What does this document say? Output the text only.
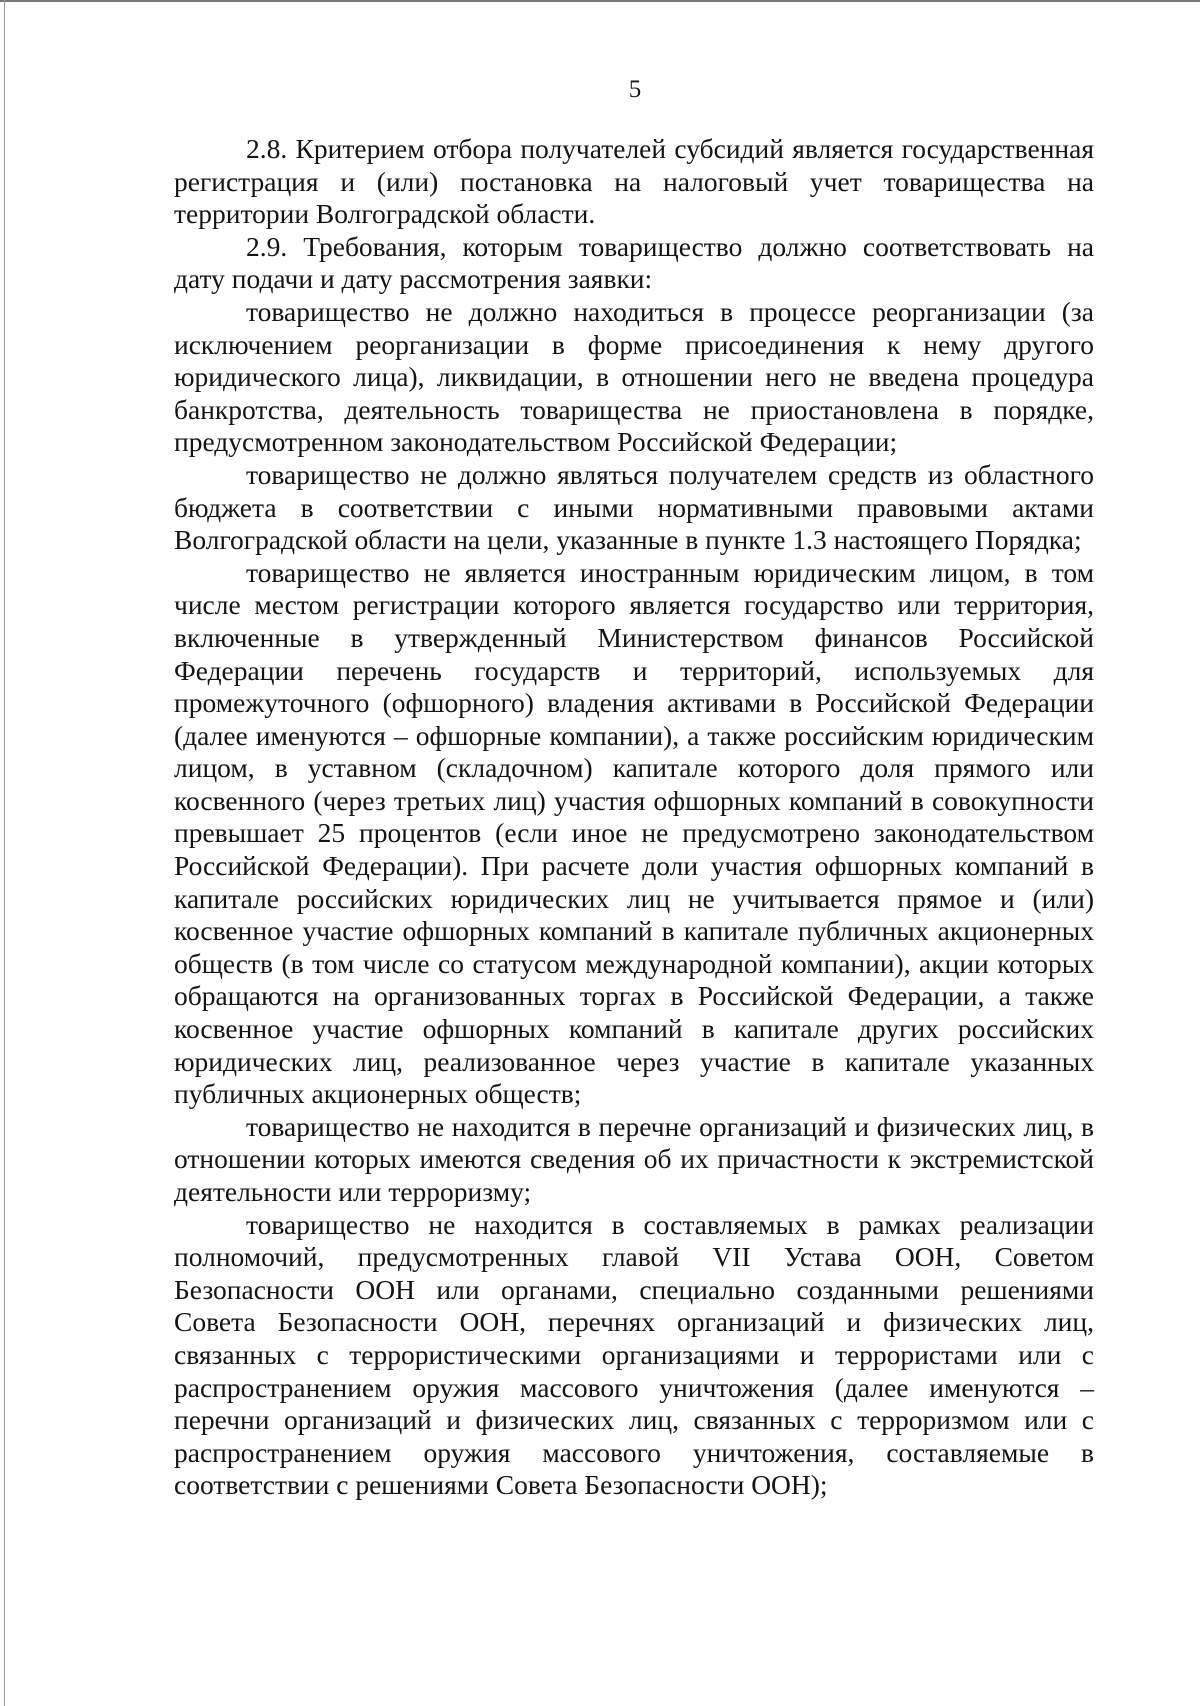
5

2.8. Критерием отбора получателей субсидий является государственная регистрация и (или) постановка на налоговый учет товарищества на территории Волгоградской области.

2.9. Требования, которым товарищество должно соответствовать на дату подачи и дату рассмотрения заявки:

товарищество не должно находиться в процессе реорганизации (за исключением реорганизации в форме присоединения к нему другого юридического лица), ликвидации, в отношении него не введена процедура банкротства, деятельность товарищества не приостановлена в порядке, предусмотренном законодательством Российской Федерации;

товарищество не должно являться получателем средств из областного бюджета в соответствии с иными нормативными правовыми актами Волгоградской области на цели, указанные в пункте 1.3 настоящего Порядка;

товарищество не является иностранным юридическим лицом, в том числе местом регистрации которого является государство или территория, включенные в утвержденный Министерством финансов Российской Федерации перечень государств и территорий, используемых для промежуточного (офшорного) владения активами в Российской Федерации (далее именуются – офшорные компании), а также российским юридическим лицом, в уставном (складочном) капитале которого доля прямого или косвенного (через третьих лиц) участия офшорных компаний в совокупности превышает 25 процентов (если иное не предусмотрено законодательством Российской Федерации). При расчете доли участия офшорных компаний в капитале российских юридических лиц не учитывается прямое и (или) косвенное участие офшорных компаний в капитале публичных акционерных обществ (в том числе со статусом международной компании), акции которых обращаются на организованных торгах в Российской Федерации, а также косвенное участие офшорных компаний в капитале других российских юридических лиц, реализованное через участие в капитале указанных публичных акционерных обществ;

товарищество не находится в перечне организаций и физических лиц, в отношении которых имеются сведения об их причастности к экстремистской деятельности или терроризму;

товарищество не находится в составляемых в рамках реализации полномочий, предусмотренных главой VII Устава ООН, Советом Безопасности ООН или органами, специально созданными решениями Совета Безопасности ООН, перечнях организаций и физических лиц, связанных с террористическими организациями и террористами или с распространением оружия массового уничтожения (далее именуются – перечни организаций и физических лиц, связанных с терроризмом или с распространением оружия массового уничтожения, составляемые в соответствии с решениями Совета Безопасности ООН);
